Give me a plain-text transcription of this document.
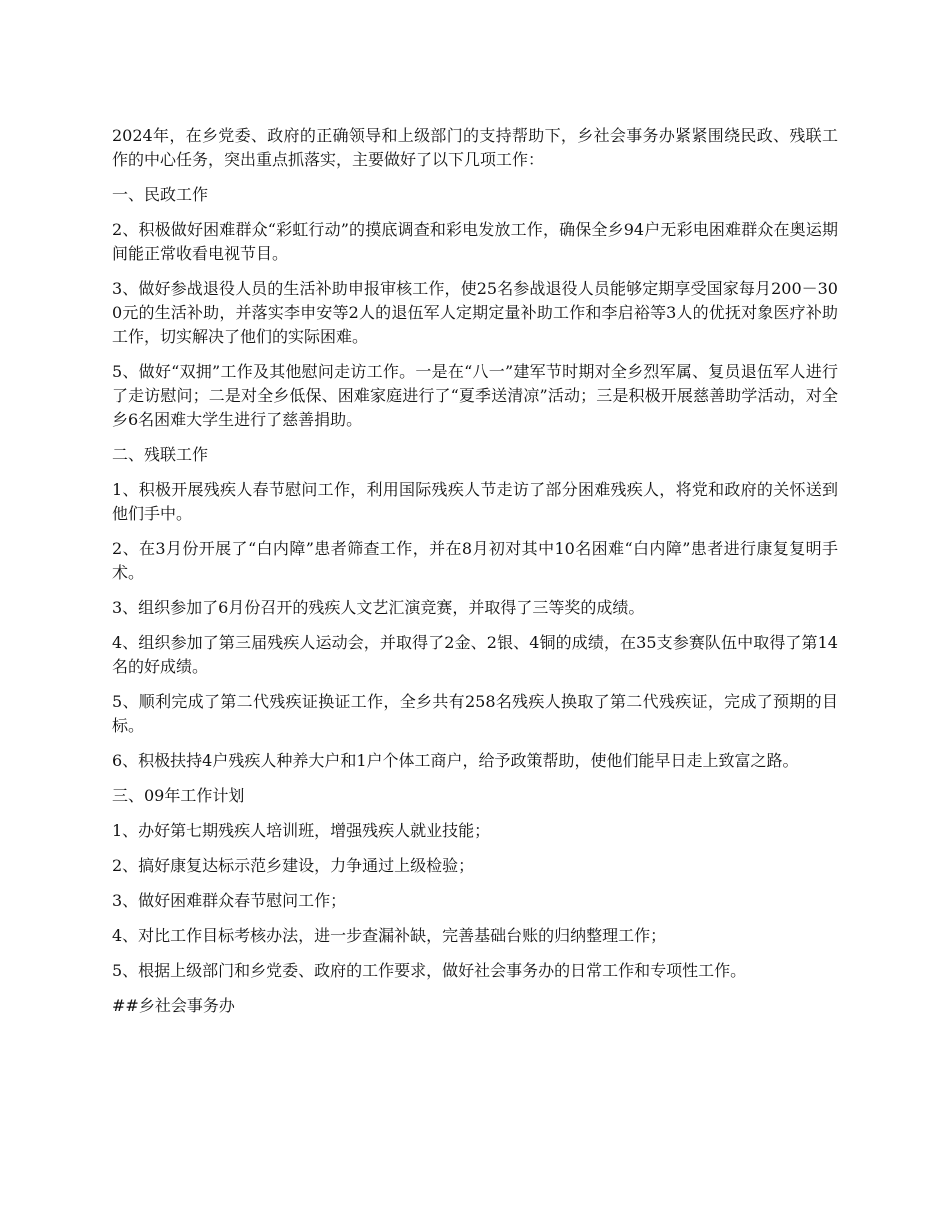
2024年，在乡党委、政府的正确领导和上级部门的支持帮助下，乡社会事务办紧紧围绕民政、残联工作的中心任务，突出重点抓落实，主要做好了以下几项工作：

一、民政工作

2、积极做好困难群众“彩虹行动”的摸底调查和彩电发放工作，确保全乡94户无彩电困难群众在奥运期间能正常收看电视节目。

3、做好参战退役人员的生活补助申报审核工作，使25名参战退役人员能够定期享受国家每月200－300元的生活补助，并落实李申安等2人的退伍军人定期定量补助工作和李启裕等3人的优抚对象医疗补助工作，切实解决了他们的实际困难。

5、做好“双拥”工作及其他慰问走访工作。一是在“八一”建军节时期对全乡烈军属、复员退伍军人进行了走访慰问；二是对全乡低保、困难家庭进行了“夏季送清凉”活动；三是积极开展慈善助学活动，对全乡6名困难大学生进行了慈善捐助。

二、残联工作

1、积极开展残疾人春节慰问工作，利用国际残疾人节走访了部分困难残疾人，将党和政府的关怀送到他们手中。

2、在3月份开展了“白内障”患者筛查工作，并在8月初对其中10名困难“白内障”患者进行康复复明手术。

3、组织参加了6月份召开的残疾人文艺汇演竞赛，并取得了三等奖的成绩。

4、组织参加了第三届残疾人运动会，并取得了2金、2银、4铜的成绩，在35支参赛队伍中取得了第14名的好成绩。

5、顺利完成了第二代残疾证换证工作，全乡共有258名残疾人换取了第二代残疾证，完成了预期的目标。

6、积极扶持4户残疾人种养大户和1户个体工商户，给予政策帮助，使他们能早日走上致富之路。

三、09年工作计划

1、办好第七期残疾人培训班，增强残疾人就业技能；

2、搞好康复达标示范乡建设，力争通过上级检验；

3、做好困难群众春节慰问工作；

4、对比工作目标考核办法，进一步查漏补缺，完善基础台账的归纳整理工作；

5、根据上级部门和乡党委、政府的工作要求，做好社会事务办的日常工作和专项性工作。

##乡社会事务办
